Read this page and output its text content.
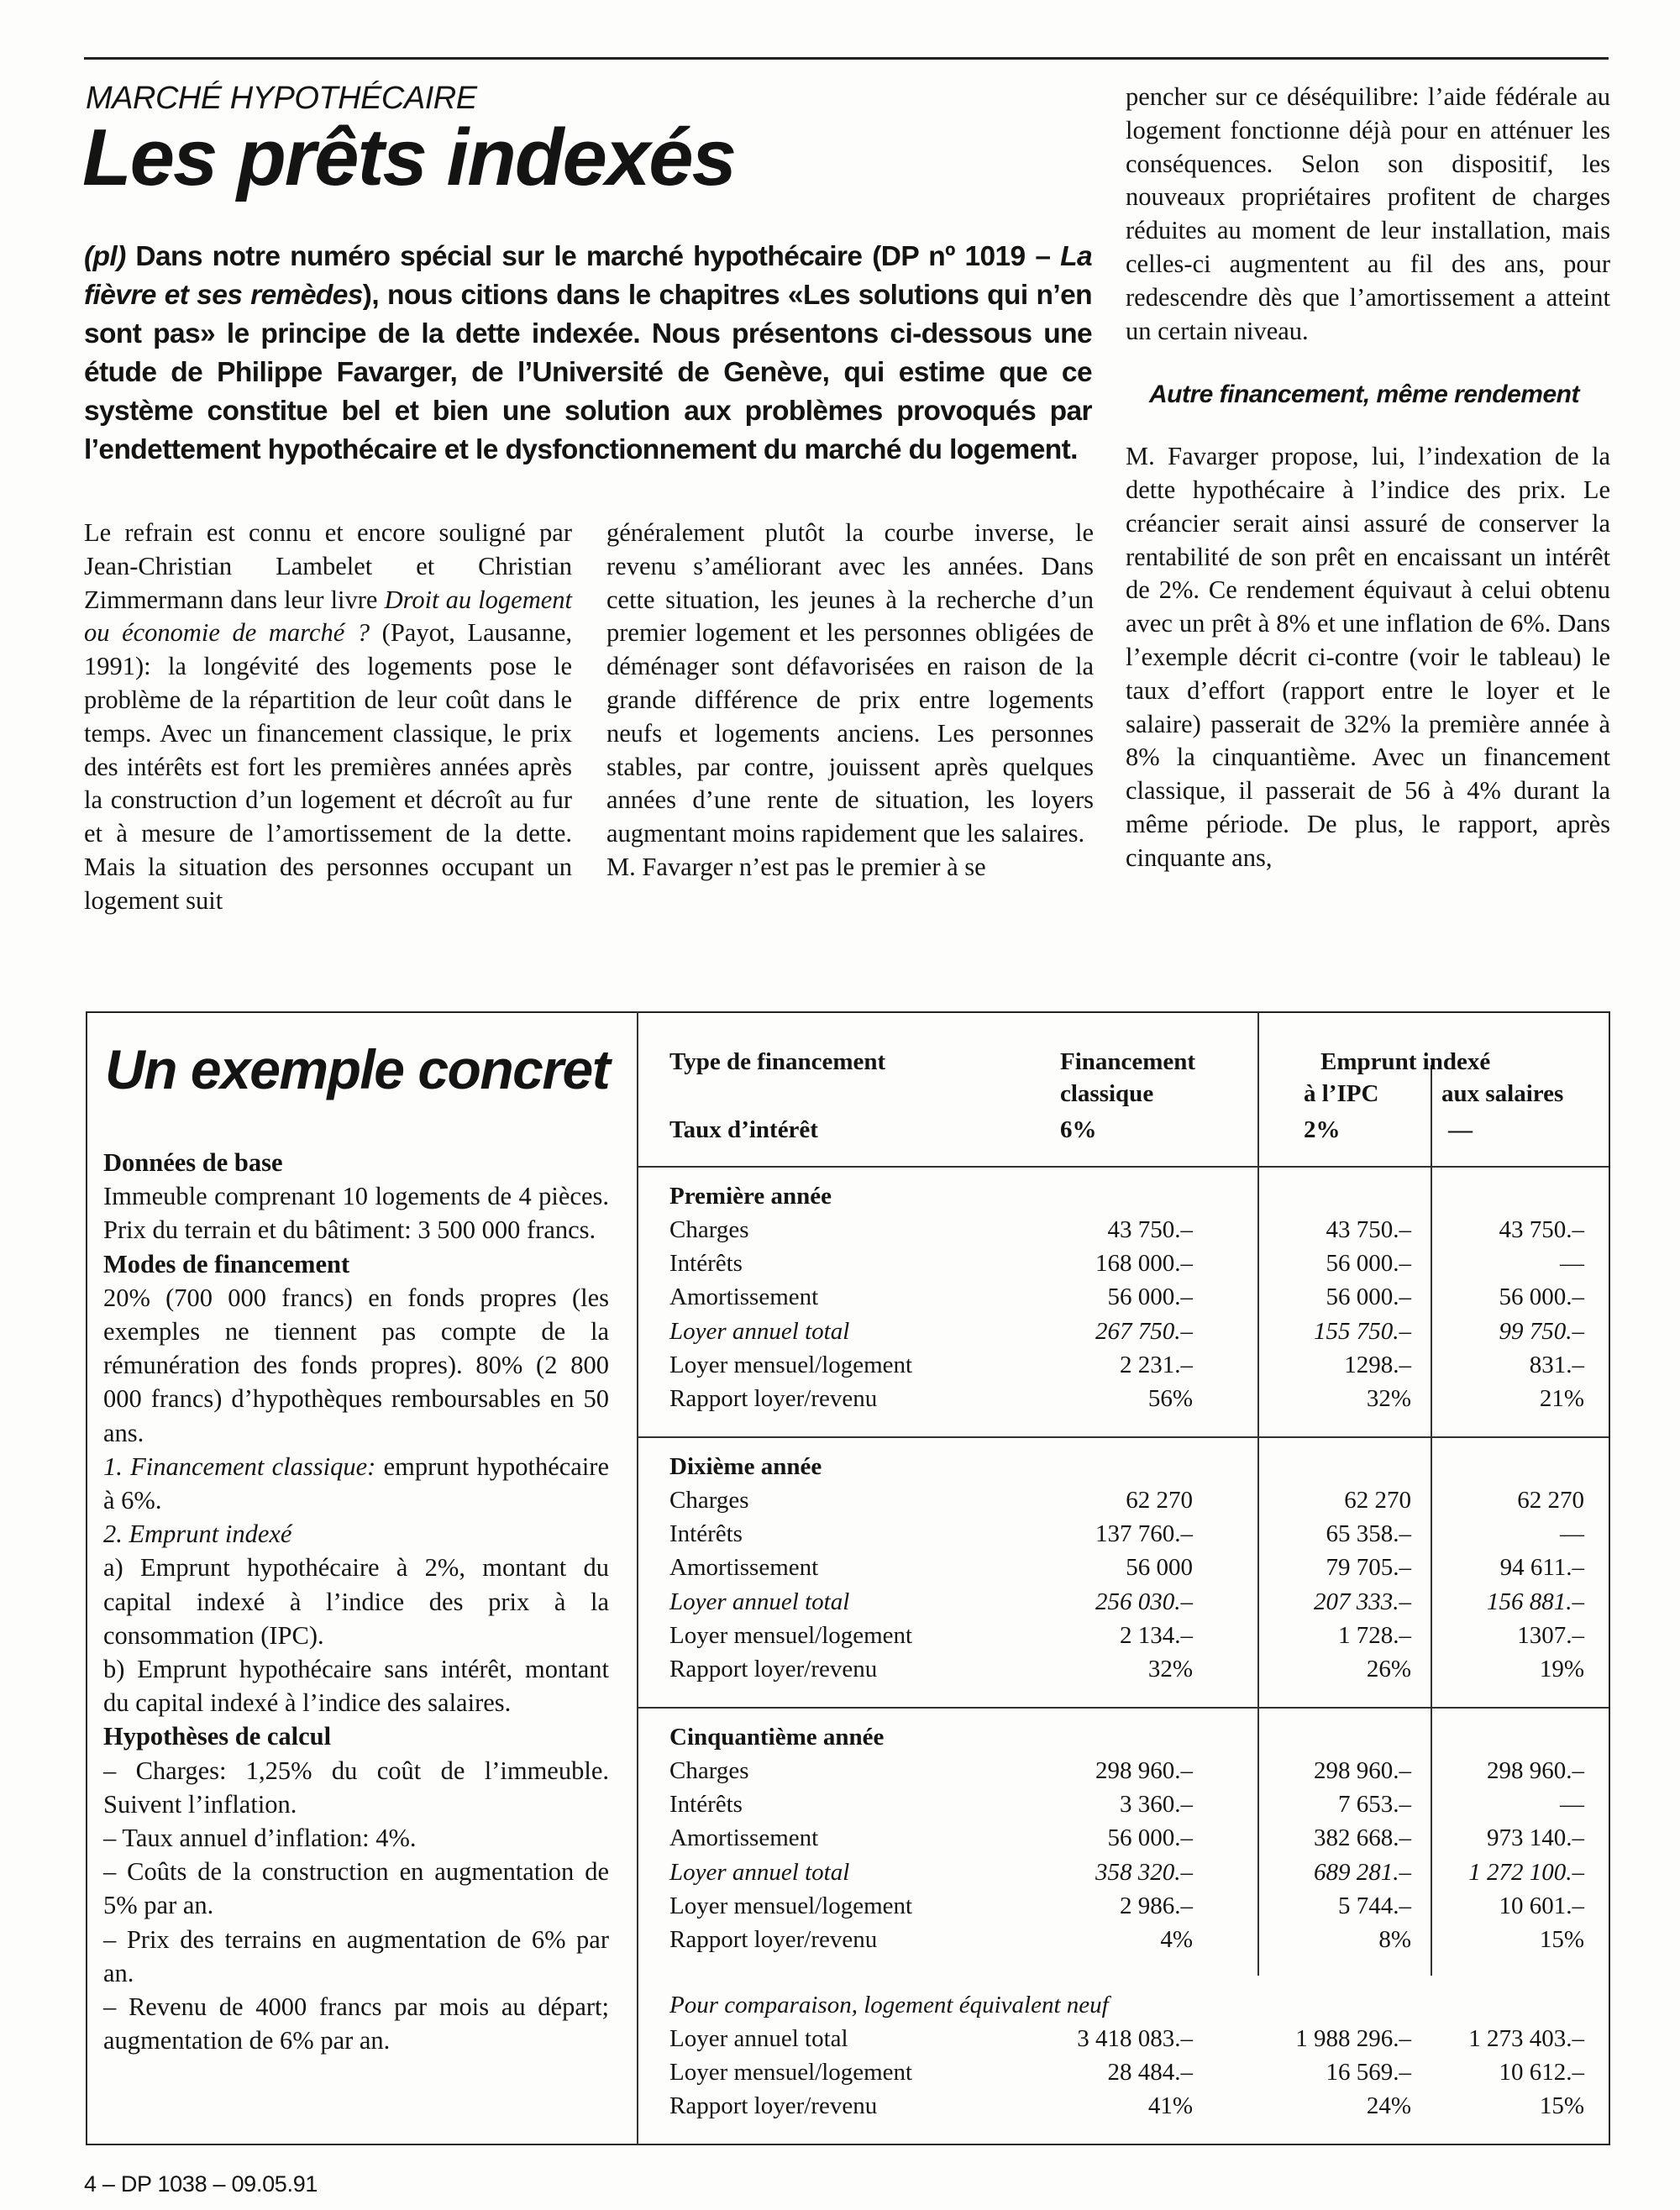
MARCHÉ HYPOTHÉCAIRE
Les prêts indexés
(pl) Dans notre numéro spécial sur le marché hypothécaire (DP nº 1019 – La fièvre et ses remèdes), nous citions dans le chapitres «Les solutions qui n’en sont pas» le principe de la dette indexée. Nous présentons ci-dessous une étude de Philippe Favarger, de l’Université de Genève, qui estime que ce système constitue bel et bien une solution aux problèmes provoqués par l’endettement hypothécaire et le dysfonctionnement du marché du logement.

Le refrain est connu et encore souligné par Jean-Christian Lambelet et Christian Zimmermann dans leur livre Droit au logement ou économie de marché ? (Payot, Lausanne, 1991): la longévité des logements pose le problème de la répartition de leur coût dans le temps. Avec un financement classique, le prix des intérêts est fort les premières années après la construction d’un logement et décroît au fur et à mesure de l’amortissement de la dette. Mais la situation des personnes occupant un logement suit

généralement plutôt la courbe inverse, le revenu s’améliorant avec les années. Dans cette situation, les jeunes à la recherche d’un premier logement et les personnes obligées de déménager sont défavorisées en raison de la grande différence de prix entre logements neufs et logements anciens. Les personnes stables, par contre, jouissent après quelques années d’une rente de situation, les loyers augmentant moins rapidement que les salaires.

M. Favarger n’est pas le premier à se

pencher sur ce déséquilibre: l’aide fédérale au logement fonctionne déjà pour en atténuer les conséquences. Selon son dispositif, les nouveaux propriétaires profitent de charges réduites au moment de leur installation, mais celles-ci augmentent au fil des ans, pour redescendre dès que l’amortissement a atteint un certain niveau.

Autre financement, même rendement

M. Favarger propose, lui, l’indexation de la dette hypothécaire à l’indice des prix. Le créancier serait ainsi assuré de conserver la rentabilité de son prêt en encaissant un intérêt de 2%. Ce rendement équivaut à celui obtenu avec un prêt à 8% et une inflation de 6%. Dans l’exemple décrit ci-contre (voir le tableau) le taux d’effort (rapport entre le loyer et le salaire) passerait de 32% la première année à 8% la cinquantième. Avec un financement classique, il passerait de 56 à 4% durant la même période. De plus, le rapport, après cinquante ans,

Un exemple concret

Données de base

Immeuble comprenant 10 logements de 4 pièces. Prix du terrain et du bâtiment: 3 500 000 francs.

Modes de financement

20% (700 000 francs) en fonds propres (les exemples ne tiennent pas compte de la rémunération des fonds propres). 80% (2 800 000 francs) d’hypothèques remboursables en 50 ans.

1. Financement classique: emprunt hypothécaire à 6%.

2. Emprunt indexé

a) Emprunt hypothécaire à 2%, montant du capital indexé à l’indice des prix à la consommation (IPC).

b) Emprunt hypothécaire sans intérêt, montant du capital indexé à l’indice des salaires.

Hypothèses de calcul

– Charges: 1,25% du coût de l’immeuble. Suivent l’inflation.

– Taux annuel d’inflation: 4%.

– Coûts de la construction en augmentation de 5% par an.

– Prix des terrains en augmentation de 6% par an.

– Revenu de 4000 francs par mois au départ; augmentation de 6% par an.

Type de financement
Taux d’intérêt
Financement classique
6%
Emprunt indexé
à l’IPC
2%
aux salaires
—
Première année
Charges
Intérêts
Amortissement
Loyer annuel total
Loyer mensuel/logement
Rapport loyer/revenu
43 750.–
168 000.–
56 000.–
267 750.–
2 231.–
56%
43 750.–
56 000.–
56 000.–
155 750.–
1298.–
32%
43 750.–
—
56 000.–
99 750.–
831.–
21%
Dixième année
Charges
Intérêts
Amortissement
Loyer annuel total
Loyer mensuel/logement
Rapport loyer/revenu
62 270
137 760.–
56 000
256 030.–
2 134.–
32%
62 270
65 358.–
79 705.–
207 333.–
1 728.–
26%
62 270
—
94 611.–
156 881.–
1307.–
19%
Cinquantième année
Charges
Intérêts
Amortissement
Loyer annuel total
Loyer mensuel/logement
Rapport loyer/revenu
298 960.–
3 360.–
56 000.–
358 320.–
2 986.–
4%
298 960.–
7 653.–
382 668.–
689 281.–
5 744.–
8%
298 960.–
—
973 140.–
1 272 100.–
10 601.–
15%
Pour comparaison, logement équivalent neuf
Loyer annuel total
Loyer mensuel/logement
Rapport loyer/revenu
3 418 083.–
28 484.–
41%
1 988 296.–
16 569.–
24%
1 273 403.–
10 612.–
15%
4 – DP 1038 – 09.05.91
